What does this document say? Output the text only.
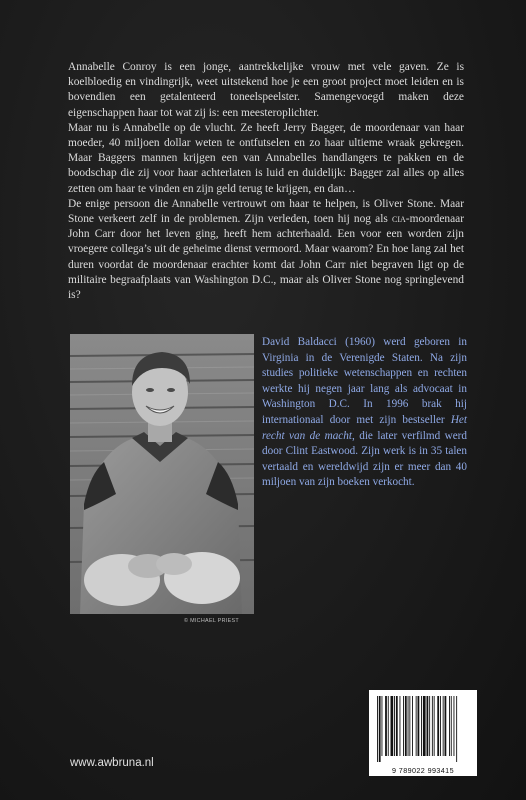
Annabelle Conroy is een jonge, aantrekkelijke vrouw met vele gaven. Ze is koelbloedig en vindingrijk, weet uitstekend hoe je een groot project moet leiden en is bovendien een getalenteerd toneelspeelster. Samengevoegd maken deze eigenschappen haar tot wat zij is: een meesteroplichter.

Maar nu is Annabelle op de vlucht. Ze heeft Jerry Bagger, de moordenaar van haar moeder, 40 miljoen dollar weten te ontfutselen en zo haar ultieme wraak gekregen. Maar Baggers mannen krijgen een van Annabelles handlangers te pakken en de boodschap die zij voor haar achterlaten is luid en duidelijk: Bagger zal alles op alles zetten om haar te vinden en zijn geld terug te krijgen, en dan…

De enige persoon die Annabelle vertrouwt om haar te helpen, is Oliver Stone. Maar Stone verkeert zelf in de problemen. Zijn verleden, toen hij nog als cia-moordenaar John Carr door het leven ging, heeft hem achterhaald. Een voor een worden zijn vroegere collega’s uit de geheime dienst vermoord. Maar waarom? En hoe lang zal het duren voordat de moordenaar erachter komt dat John Carr niet begraven ligt op de militaire begraafplaats van Washington D.C., maar als Oliver Stone nog springlevend is?

© MICHAEL PRIEST
David Baldacci (1960) werd geboren in Virginia in de Verenigde Staten. Na zijn studies politieke wetenschappen en rechten werkte hij negen jaar lang als advocaat in Washington D.C. In 1996 brak hij internationaal door met zijn bestseller Het recht van de macht, die later verfilmd werd door Clint Eastwood. Zijn werk is in 35 talen vertaald en wereldwijd zijn er meer dan 40 miljoen van zijn boeken verkocht.
www.awbruna.nl
9 789022 993415
